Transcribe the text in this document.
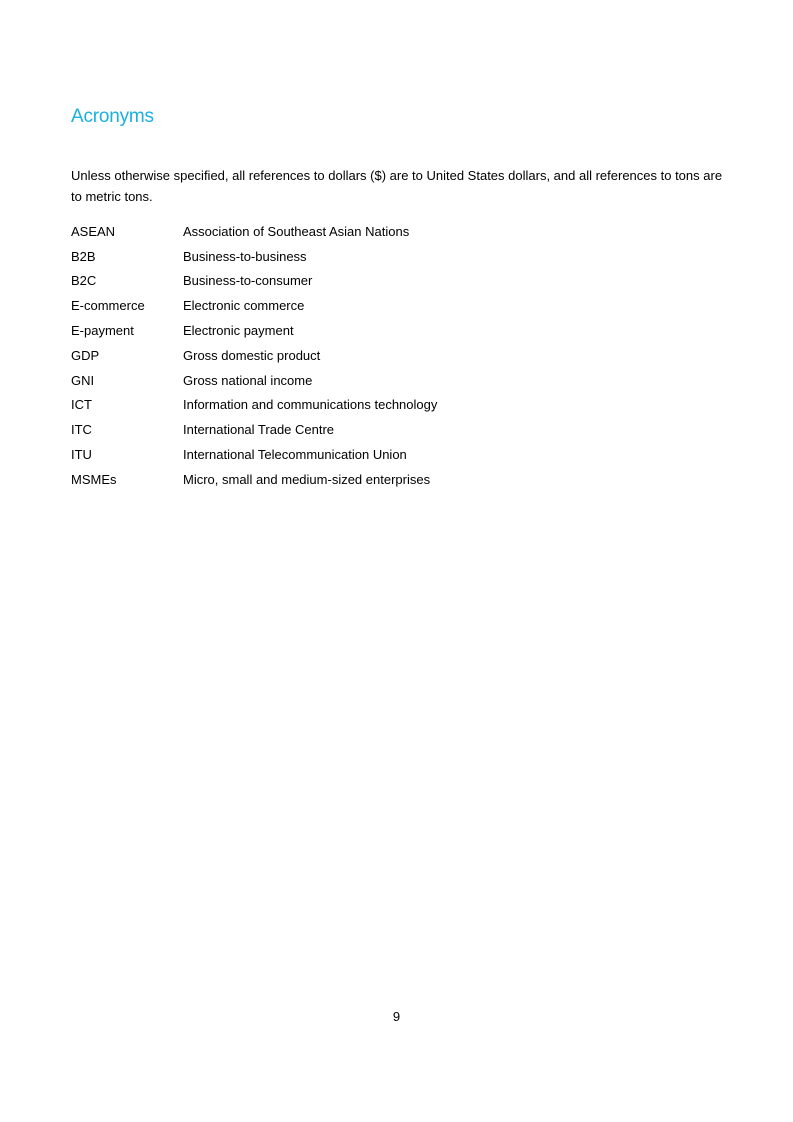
Acronyms

Unless otherwise specified, all references to dollars ($) are to United States dollars, and all references to tons are to metric tons.

ASEAN	Association of Southeast Asian Nations
B2B	Business-to-business
B2C	Business-to-consumer
E-commerce	Electronic commerce
E-payment	Electronic payment
GDP	Gross domestic product
GNI	Gross national income
ICT	Information and communications technology
ITC	International Trade Centre
ITU	International Telecommunication Union
MSMEs	Micro, small and medium-sized enterprises
9
